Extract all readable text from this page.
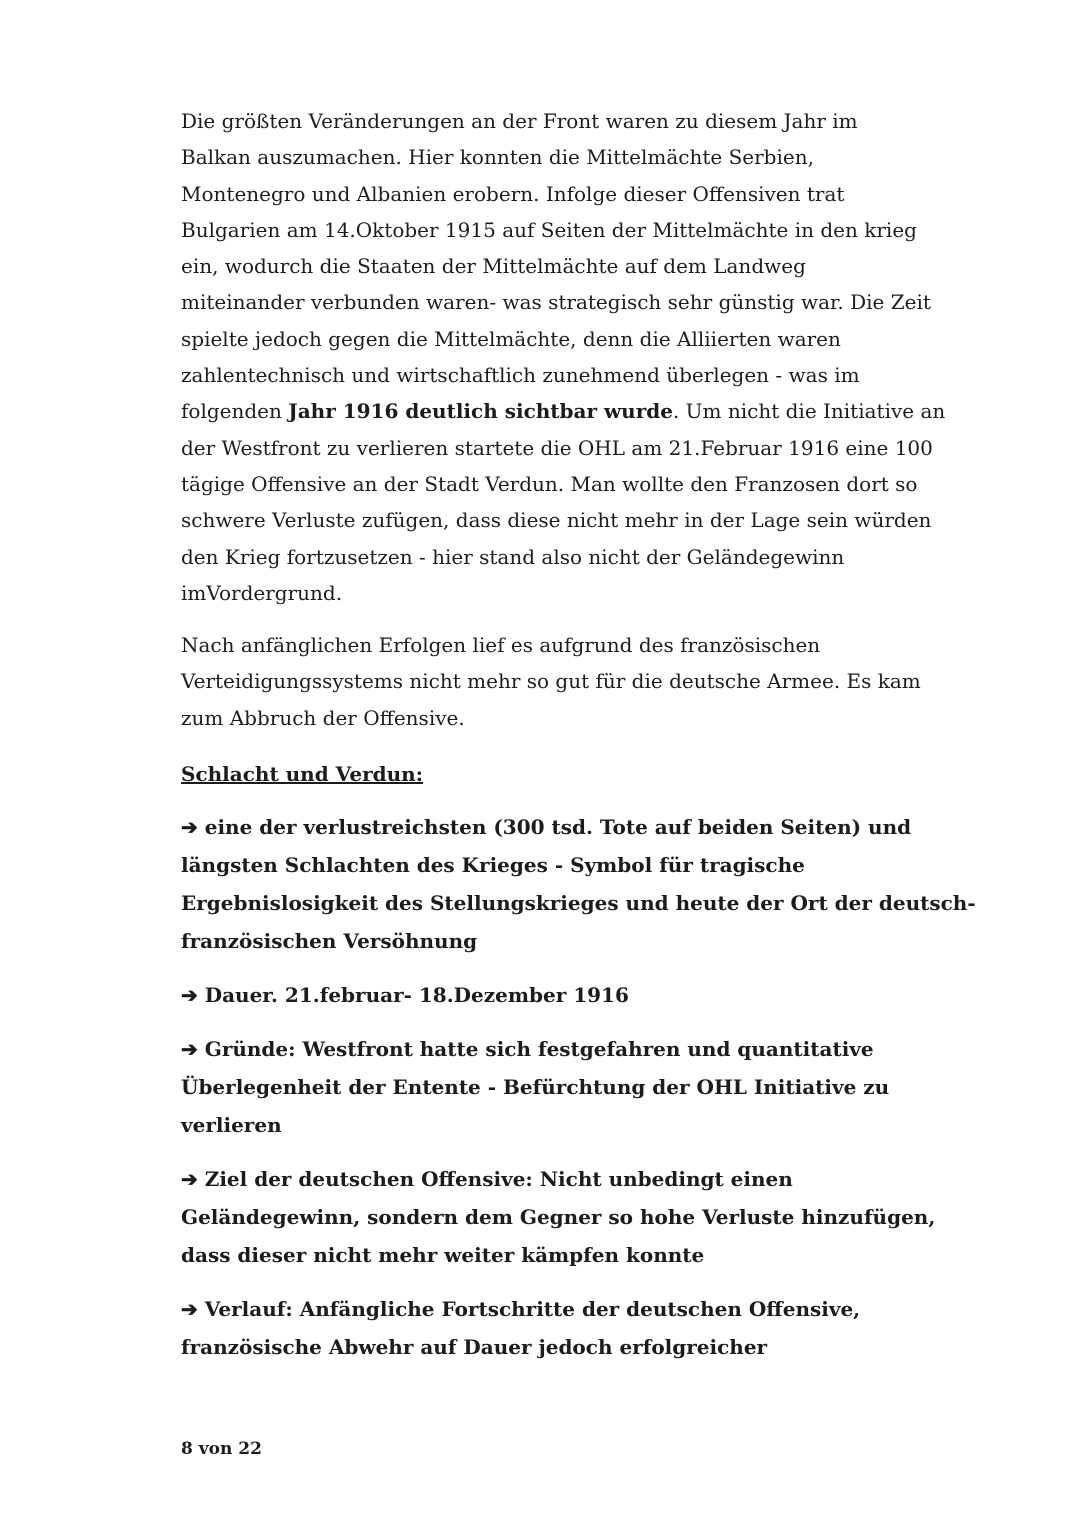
Die größten Veränderungen an der Front waren zu diesem Jahr im
Balkan auszumachen. Hier konnten die Mittelmächte Serbien,
Montenegro und Albanien erobern. Infolge dieser Offensiven trat
Bulgarien am 14.Oktober 1915 auf Seiten der Mittelmächte in den krieg
ein, wodurch die Staaten der Mittelmächte auf dem Landweg
miteinander verbunden waren- was strategisch sehr günstig war. Die Zeit
spielte jedoch gegen die Mittelmächte, denn die Alliierten waren
zahlentechnisch und wirtschaftlich zunehmend überlegen - was im
folgenden Jahr 1916 deutlich sichtbar wurde. Um nicht die Initiative an
der Westfront zu verlieren startete die OHL am 21.Februar 1916 eine 100
tägige Offensive an der Stadt Verdun. Man wollte den Franzosen dort so
schwere Verluste zufügen, dass diese nicht mehr in der Lage sein würden
den Krieg fortzusetzen - hier stand also nicht der Geländegewinn
imVordergrund.

Nach anfänglichen Erfolgen lief es aufgrund des französischen
Verteidigungssystems nicht mehr so gut für die deutsche Armee. Es kam
zum Abbruch der Offensive.

Schlacht und Verdun:

➔ eine der verlustreichsten (300 tsd. Tote auf beiden Seiten) und
längsten Schlachten des Krieges - Symbol für tragische
Ergebnislosigkeit des Stellungskrieges und heute der Ort der deutsch-
französischen Versöhnung
➔ Dauer. 21.februar- 18.Dezember 1916
➔ Gründe: Westfront hatte sich festgefahren und quantitative
Überlegenheit der Entente - Befürchtung der OHL Initiative zu
verlieren
➔ Ziel der deutschen Offensive: Nicht unbedingt einen
Geländegewinn, sondern dem Gegner so hohe Verluste hinzufügen,
dass dieser nicht mehr weiter kämpfen konnte
➔ Verlauf: Anfängliche Fortschritte der deutschen Offensive,
französische Abwehr auf Dauer jedoch erfolgreicher
8 von 22
